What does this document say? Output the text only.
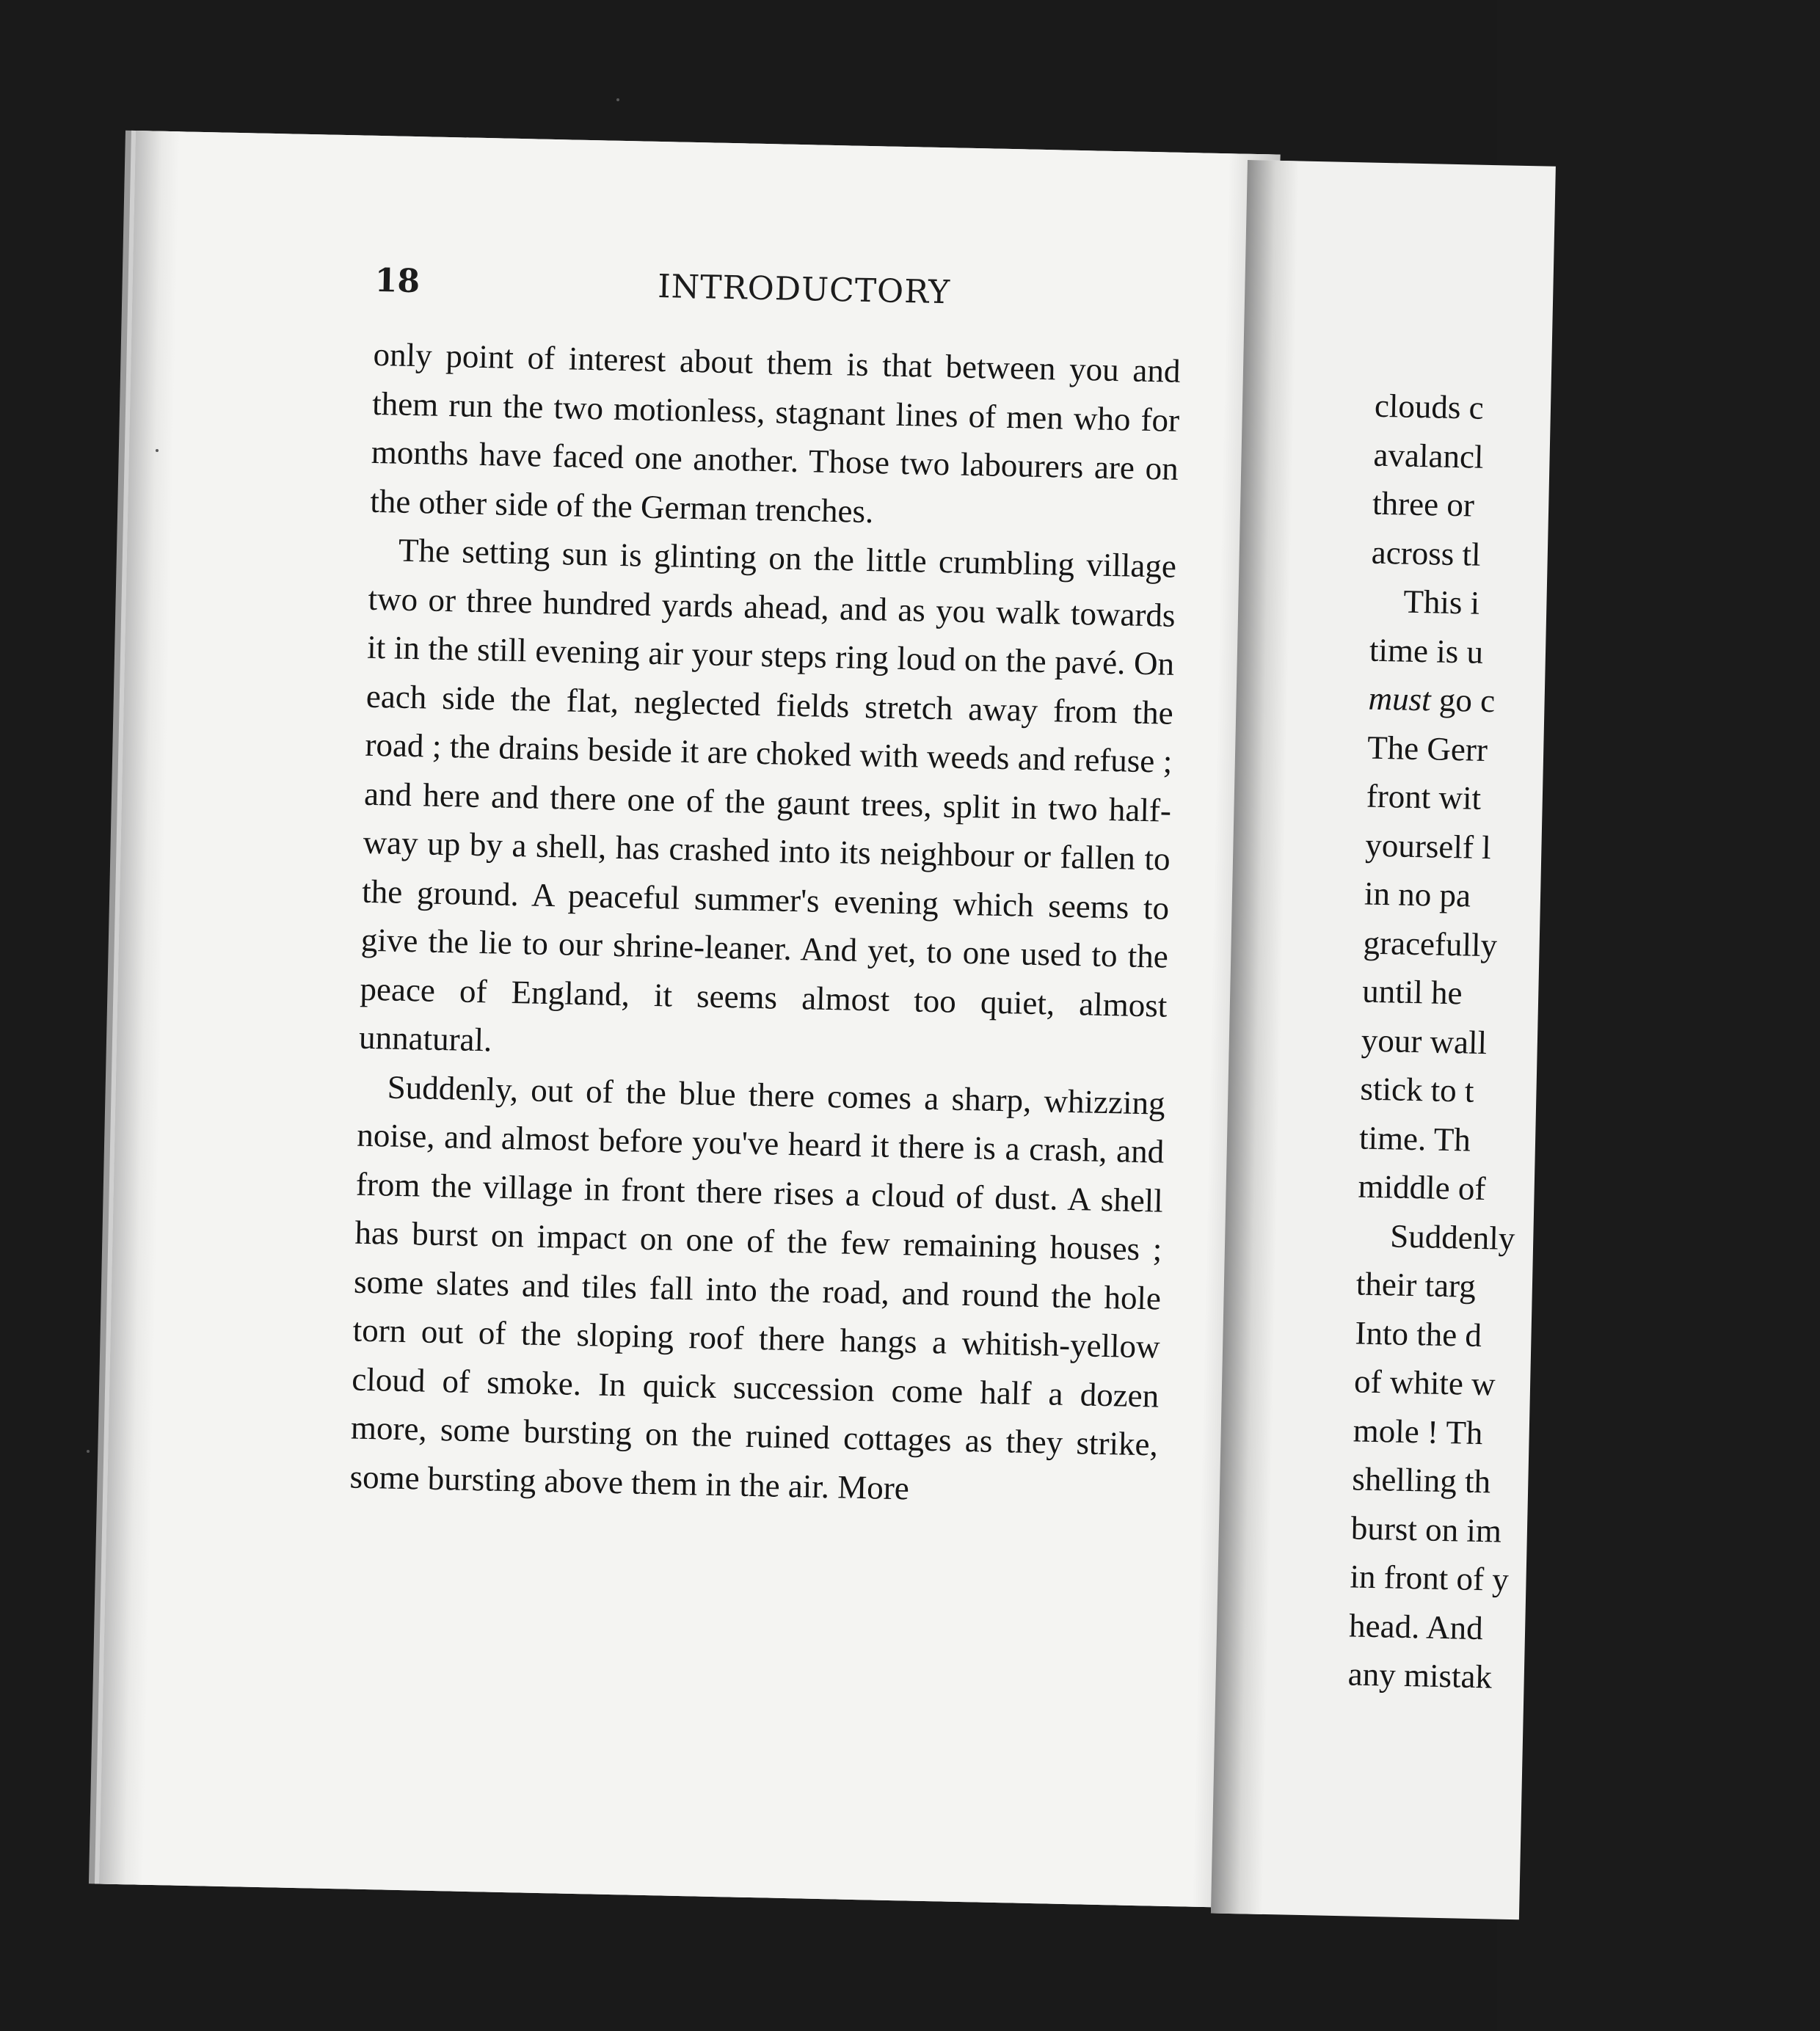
18	INTRODUCTORY

only point of interest about them is that between you and them run the two motionless, stagnant lines of men who for months have faced one another. Those two labourers are on the other side of the German trenches.

The setting sun is glinting on the little crumbling village two or three hundred yards ahead, and as you walk towards it in the still evening air your steps ring loud on the pavé. On each side the flat, neglected fields stretch away from the road ; the drains beside it are choked with weeds and refuse ; and here and there one of the gaunt trees, split in two half-way up by a shell, has crashed into its neighbour or fallen to the ground. A peaceful summer's evening which seems to give the lie to our shrine-leaner. And yet, to one used to the peace of England, it seems almost too quiet, almost unnatural.

Suddenly, out of the blue there comes a sharp, whizzing noise, and almost before you've heard it there is a crash, and from the village in front there rises a cloud of dust. A shell has burst on impact on one of the few remaining houses ; some slates and tiles fall into the road, and round the hole torn out of the sloping roof there hangs a whitish-yellow cloud of smoke. In quick succession come half a dozen more, some bursting on the ruined cottages as they strike, some bursting above them in the air. More

clouds c
avalancl
three or
across tl
This i
time is u
must go c
The Gerr
front wit
yourself l
in no pa
gracefully
until he
your wall
stick to t
time. Th
middle of
Suddenly
their targ
Into the d
of white w
mole ! Th
shelling th
burst on im
in front of y
head. And
any mistak
